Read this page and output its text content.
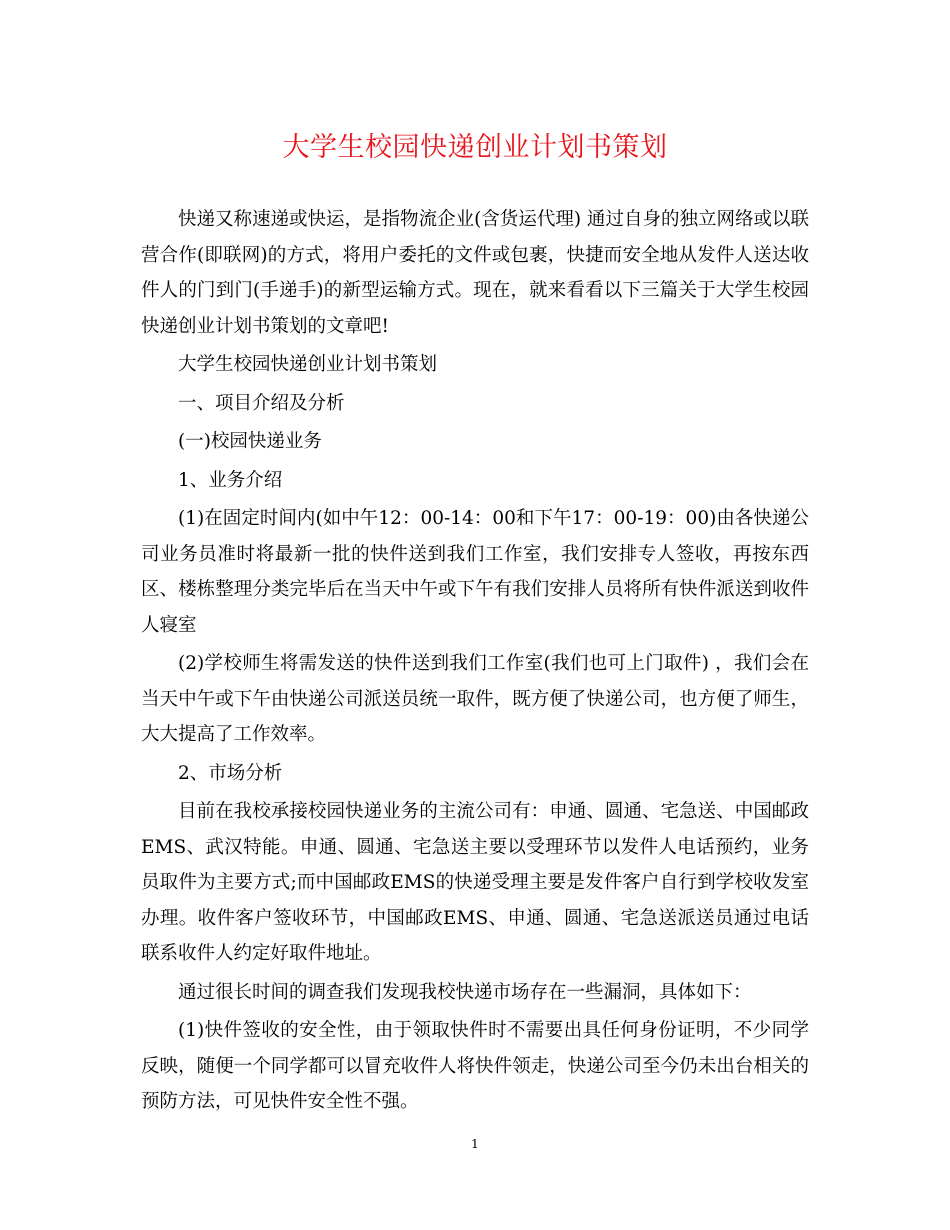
大学生校园快递创业计划书策划

快递又称速递或快运，是指物流企业(含货运代理) 通过自身的独立网络或以联营合作(即联网)的方式，将用户委托的文件或包裹，快捷而安全地从发件人送达收件人的门到门(手递手)的新型运输方式。现在，就来看看以下三篇关于大学生校园快递创业计划书策划的文章吧!

大学生校园快递创业计划书策划

一、项目介绍及分析

(一)校园快递业务

1、业务介绍

(1)在固定时间内(如中午12：00-14：00和下午17：00-19：00)由各快递公司业务员准时将最新一批的快件送到我们工作室，我们安排专人签收，再按东西区、楼栋整理分类完毕后在当天中午或下午有我们安排人员将所有快件派送到收件人寝室

(2)学校师生将需发送的快件送到我们工作室(我们也可上门取件) ，我们会在当天中午或下午由快递公司派送员统一取件，既方便了快递公司，也方便了师生，大大提高了工作效率。

2、市场分析

目前在我校承接校园快递业务的主流公司有：申通、圆通、宅急送、中国邮政EMS、武汉特能。申通、圆通、宅急送主要以受理环节以发件人电话预约，业务员取件为主要方式;而中国邮政EMS的快递受理主要是发件客户自行到学校收发室办理。收件客户签收环节，中国邮政EMS、申通、圆通、宅急送派送员通过电话联系收件人约定好取件地址。

通过很长时间的调查我们发现我校快递市场存在一些漏洞，具体如下：

(1)快件签收的安全性，由于领取快件时不需要出具任何身份证明，不少同学反映，随便一个同学都可以冒充收件人将快件领走，快递公司至今仍未出台相关的预防方法，可见快件安全性不强。

1
